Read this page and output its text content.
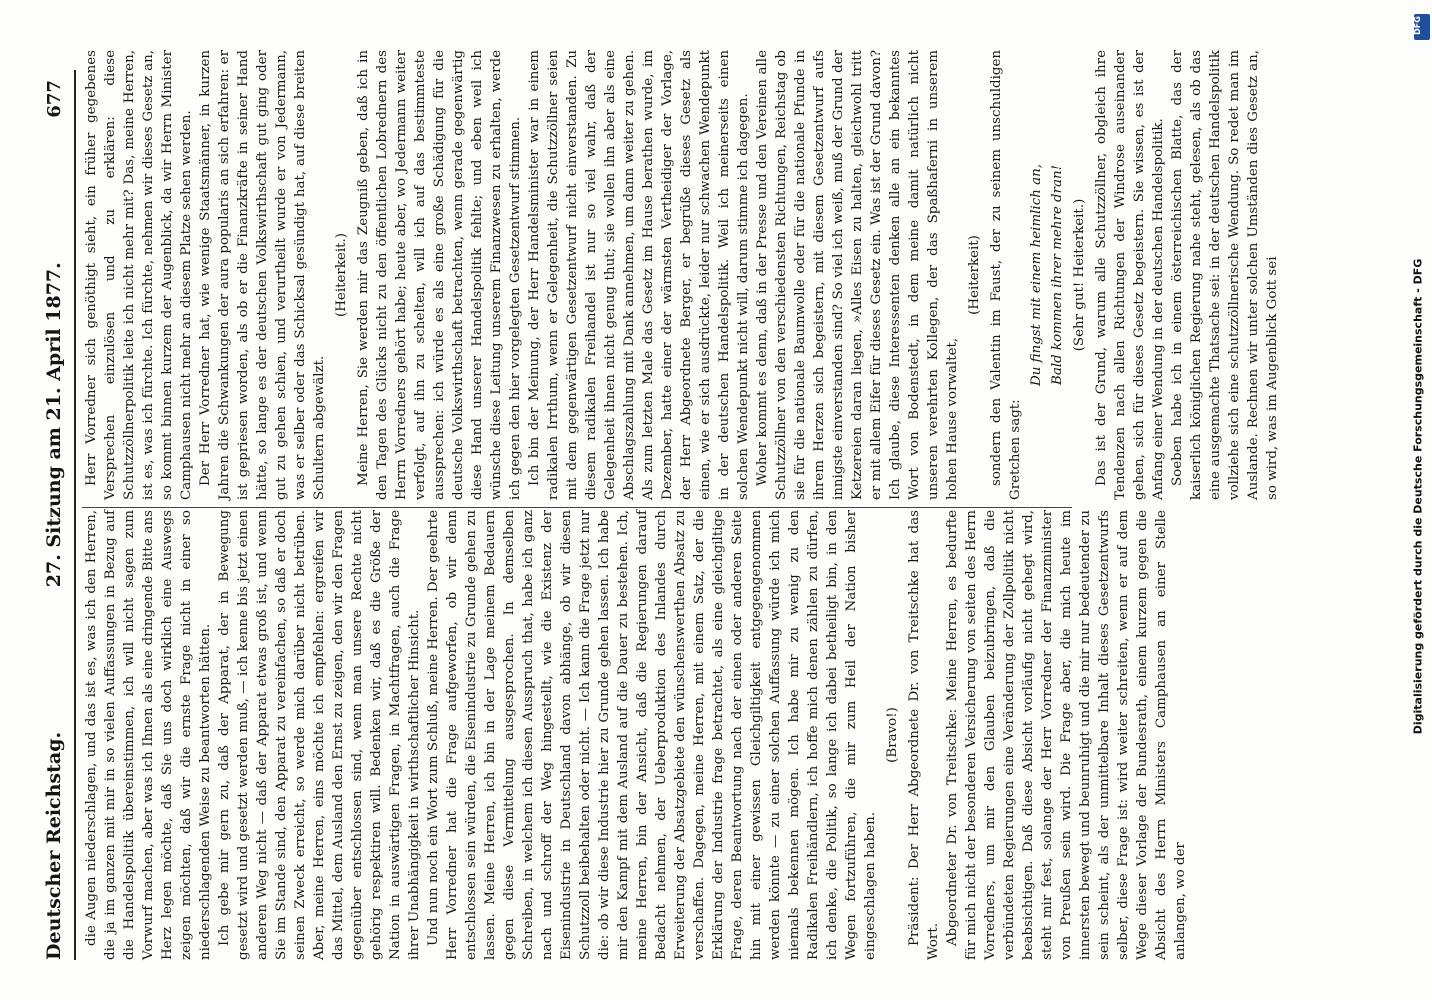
Deutscher Reichstag.
27. Sitzung am 21. April 1877.
677

die Augen niederschlagen, und das ist es, was ich den Herren, die ja im ganzen mit mir in so vielen Auffassungen in Bezug auf die Handelspolitik übereinstimmen, ich will nicht sagen zum Vorwurf machen, aber was ich Ihnen als eine dringende Bitte ans Herz legen möchte, daß Sie uns doch wirklich eine Auswegs zeigen möchten, daß wir die ernste Frage nicht in einer so niederschlagenden Weise zu beantworten hätten. Ich gebe mir gern zu, daß der Apparat, der in Bewegung gesetzt wird und gesetzt werden muß, — ich kenne bis jetzt einen anderen Weg nicht — daß der Apparat etwas groß ist, und wenn Sie im Stande sind, den Apparat zu vereinfachen, so daß er doch seinen Zweck erreicht, so werde mich darüber nicht betrüben. Aber, meine Herren, eins möchte ich empfehlen: ergreifen wir das Mittel, dem Ausland den Ernst zu zeigen, den wir den Fragen gegenüber entschlossen sind, wenn man unsere Rechte nicht gehörig respektiren will. Bedenken wir, daß es die Größe der Nation in auswärtigen Fragen, in Machtfragen, auch die Frage ihrer Unabhängigkeit in wirthschaftlicher Hinsicht. Und nun noch ein Wort zum Schluß, meine Herren. Der geehrte Herr Vorredner hat die Frage aufgeworfen, ob wir denn entschlossen sein würden, die Eisenindustrie zu Grunde gehen zu lassen. Meine Herren, ich bin in der Lage meinem Bedauern gegen diese Vermittelung ausgesprochen. In demselben Schreiben, in welchem ich diesen Ausspruch that, habe ich ganz nach und schroff der Weg hingestellt, wie die Existenz der Eisenindustrie in Deutschland davon abhänge, ob wir diesen Schutzzoll beibehalten oder nicht. — Ich kann die Frage jetzt nur die: ob wir diese Industrie hier zu Grunde gehen lassen. Ich habe mir den Kampf mit dem Ausland auf die Dauer zu bestehen. Ich, meine Herren, bin der Ansicht, daß die Regierungen darauf Bedacht nehmen, der Ueberproduktion des Inlandes durch Erweiterung der Absatzgebiete den wünschenswerthen Absatz zu verschaffen. Dagegen, meine Herren, mit einem Satz, der die Erklärung der Industrie frage betrachtet, als eine gleichgiltige Frage, deren Beantwortung nach der einen oder anderen Seite hin mit einer gewissen Gleichgiltigkeit entgegengenommen werden könnte — zu einer solchen Auffassung würde ich mich niemals bekennen mögen. Ich habe mir zu wenig zu den Radikalen Freihändlern, ich hoffe mich denen zählen zu dürfen, ich denke, die Politik, so lange ich dabei betheiligt bin, in den Wegen fortzuführen, die mir zum Heil der Nation bisher eingeschlagen haben.

(Bravo!) Präsident: Der Herr Abgeordnete Dr. von Treitschke hat das Wort. Abgeordneter Dr. von Treitschke: Meine Herren, es bedurfte für mich nicht der besonderen Versicherung von seiten des Herrn Vorredners, um mir den Glauben beizubringen, daß die verbündeten Regierungen eine Veränderung der Zollpolitik nicht beabsichtigen. Daß diese Absicht vorläufig nicht gehegt wird, steht mir fest, solange der Herr Vorredner der Finanzminister von Preußen sein wird. Die Frage aber, die mich heute im innersten bewegt und beunruhigt und die mir nur bedeutender zu sein scheint, als der unmittelbare Inhalt dieses Gesetzentwurfs selber, diese Frage ist: wird weiter schreiten, wenn er auf dem Wege dieser Vorlage der Bundesrath, einem kurzem gegen die Absicht des Herrn Ministers Camphausen an einer Stelle anlangen, wo der

Herr Vorredner sich genöthigt sieht, ein früher gegebenes Versprechen einzulösen und zu erklären: diese Schutzzöllnerpolitik leite ich nicht mehr mit? Das, meine Herren, ist es, was ich fürchte. Ich fürchte, nehmen wir dieses Gesetz an, so kommt binnen kurzem der Augenblick, da wir Herrn Minister Camphausen nicht mehr an diesem Platze sehen werden. Der Herr Vorredner hat, wie wenige Staatsmänner, in kurzen Jahren die Schwankungen der aura popularis an sich erfahren: er ist gepriesen worden, als ob er die Finanzkräfte in seiner Hand hätte, so lange es der deutschen Volkswirthschaft gut ging oder gut zu gehen schien, und verurtheilt wurde er von Jedermann, was er selber oder das Schicksal gesündigt hat, auf diese breiten Schultern abgewälzt.

(Heiterkeit.) Meine Herren, Sie werden mir das Zeugniß geben, daß ich in den Tagen des Glücks nicht zu den öffentlichen Lobrednern des Herrn Vorredners gehört habe; heute aber, wo Jedermann weiter verfolgt, auf ihn zu schelten, will ich auf das bestimmteste aussprechen: ich würde es als eine große Schädigung für die deutsche Volkswirthschaft betrachten, wenn gerade gegenwärtig diese Hand unserer Handelspolitik fehlte; und eben weil ich wünsche diese Leitung unserem Finanzwesen zu erhalten, werde ich gegen den hier vorgelegten Gesetzentwurf stimmen. Ich bin der Meinung, der Herr Handelsminister war in einem radikalen Irrthum, wenn er Gelegenheit, die Schutzzöllner seien mit dem gegenwärtigen Gesetzentwurf nicht einverstanden. Zu diesem radikalen Freihandel ist nur so viel wahr, daß der Gelegenheit ihnen nicht genug thut; sie wollen ihn aber als eine Abschlagszahlung mit Dank annehmen, um dann weiter zu gehen. Als zum letzten Male das Gesetz im Hause berathen wurde, im Dezember, hatte einer der wärmsten Vertheidiger der Vorlage, der Herr Abgeordnete Berger, er begrüße dieses Gesetz als einen, wie er sich ausdrückte, leider nur schwachen Wendepunkt in der deutschen Handelspolitik. Weil ich meinerseits einen solchen Wendepunkt nicht will, darum stimme ich dagegen. Woher kommt es denn, daß in der Presse und den Vereinen alle Schutzzöllner von den verschiedensten Richtungen, Reichstag ob sie für die nationale Baumwolle oder für die nationale Pfunde in ihrem Herzen sich begeistern, mit diesem Gesetzentwurf aufs innigste einverstanden sind? So viel ich weiß, muß der Grund der Ketzereien daran liegen, »Alles Eisen zu halten, gleichwohl tritt er mit allem Eifer für dieses Gesetz ein. Was ist der Grund davon? Ich glaube, diese Interessenten denken alle an ein bekanntes Wort von Bodenstedt, in dem meine damit natürlich nicht unseren verehrten Kollegen, der das Spaßhaferni in unserem hohen Hause vorwaltet,

(Heiterkeit) sondern den Valentin im Faust, der zu seinem unschuldigen Gretchen sagt:

Du fingst mit einem heimlich an, Bald kommen ihrer mehre dran! (Sehr gut! Heiterkeit.) Das ist der Grund, warum alle Schutzzöllner, obgleich ihre Tendenzen nach allen Richtungen der Windrose auseinander gehen, sich für dieses Gesetz begeistern. Sie wissen, es ist der Anfang einer Wendung in der deutschen Handelspolitik. Soeben habe ich in einem österreichischen Blatte, das der kaiserlich königlichen Regierung nahe steht, gelesen, als ob das eine ausgemachte Thatsache sei: in der deutschen Handelspolitik vollziehe sich eine schutzzöllnerische Wendung. So redet man im Auslande. Rechnen wir unter solchen Umständen dies Gesetz an, so wird, was im Augenblick Gott sei	Digitalisierung gefördert durch die Deutsche Forschungsgemeinschaft - DFG
DFG
